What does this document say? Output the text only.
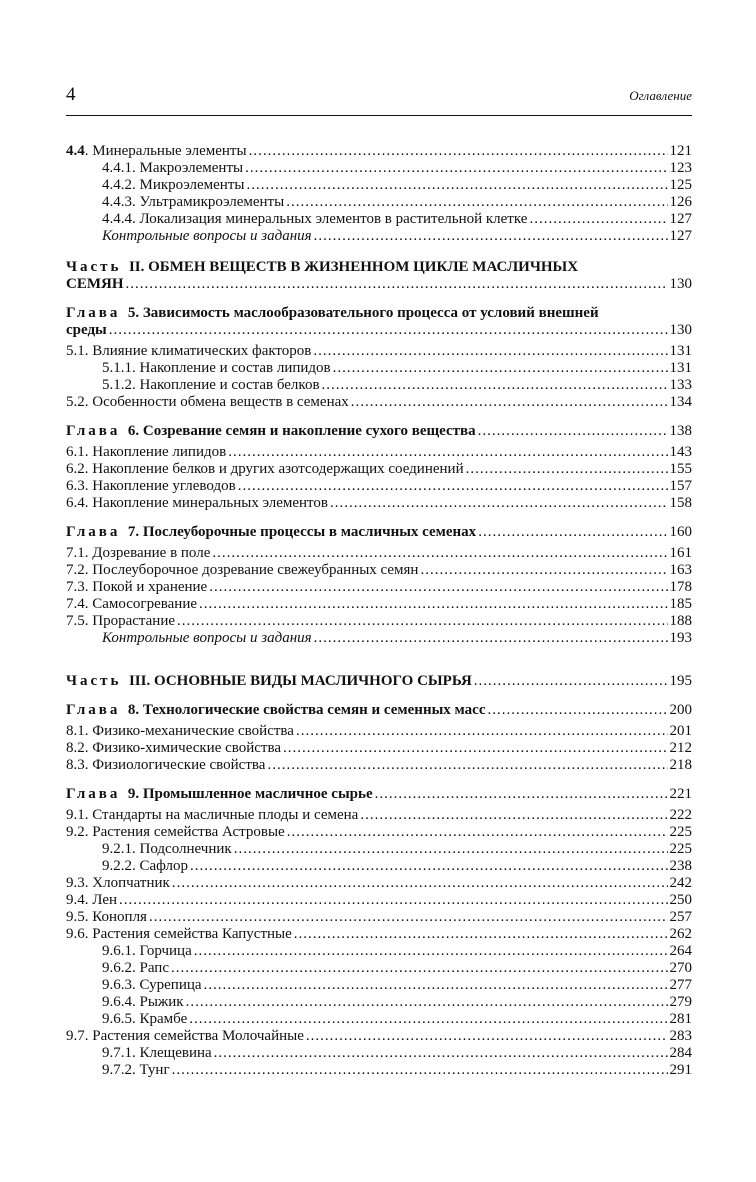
4	Оглавление
4.4. Минеральные элементы .....	121
4.4.1. Макроэлементы .....	123
4.4.2. Микроэлементы .....	125
4.4.3. Ультрамикроэлементы .....	126
4.4.4. Локализация минеральных элементов в растительной клетке .....	127
Контрольные вопросы и задания .....	127
Часть II. ОБМЕН ВЕЩЕСТВ В ЖИЗНЕННОМ ЦИКЛЕ МАСЛИЧНЫХ
СЕМЯН .....	130
Глава 5. Зависимость маслообразовательного процесса от условий внешней
среды .....	130
5.1. Влияние климатических факторов .....	131
5.1.1. Накопление и состав липидов .....	131
5.1.2. Накопление и состав белков .....	133
5.2. Особенности обмена веществ в семенах .....	134
Глава 6. Созревание семян и накопление сухого вещества .....	138
6.1. Накопление липидов .....	143
6.2. Накопление белков и других азотсодержащих соединений .....	155
6.3. Накопление углеводов .....	157
6.4. Накопление минеральных элементов .....	158
Глава 7. Послеуборочные процессы в масличных семенах .....	160
7.1. Дозревание в поле .....	161
7.2. Послеуборочное дозревание свежеубранных семян .....	163
7.3. Покой и хранение .....	178
7.4. Самосогревание .....	185
7.5. Прорастание .....	188
Контрольные вопросы и задания .....	193
Часть III. ОСНОВНЫЕ ВИДЫ МАСЛИЧНОГО СЫРЬЯ .....	195
Глава 8. Технологические свойства семян и семенных масс .....	200
8.1. Физико-механические свойства .....	201
8.2. Физико-химические свойства .....	212
8.3. Физиологические свойства .....	218
Глава 9. Промышленное масличное сырье .....	221
9.1. Стандарты на масличные плоды и семена .....	222
9.2. Растения семейства Астровые .....	225
9.2.1. Подсолнечник .....	225
9.2.2. Сафлор .....	238
9.3. Хлопчатник .....	242
9.4. Лен .....	250
9.5. Конопля .....	257
9.6. Растения семейства Капустные .....	262
9.6.1. Горчица .....	264
9.6.2. Рапс .....	270
9.6.3. Сурепица .....	277
9.6.4. Рыжик .....	279
9.6.5. Крамбе .....	281
9.7. Растения семейства Молочайные .....	283
9.7.1. Клещевина .....	284
9.7.2. Тунг .....	291
